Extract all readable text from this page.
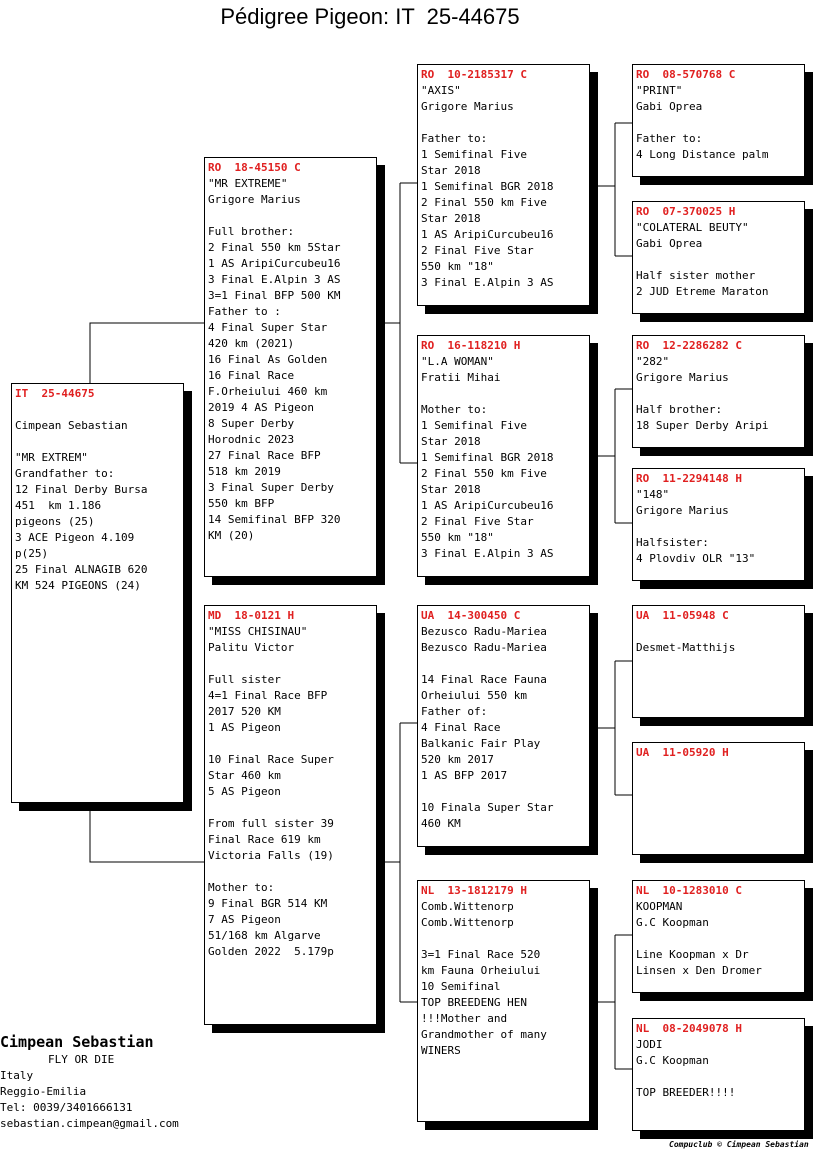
Pédigree Pigeon: IT  25-44675
IT  25-44675

Cimpean Sebastian

"MR EXTREM"
Grandfather to:
12 Final Derby Bursa
451  km 1.186
pigeons (25)
3 ACE Pigeon 4.109
p(25)
25 Final ALNAGIB 620
KM 524 PIGEONS (24)
RO  18-45150 C
"MR EXTREME"
Grigore Marius

Full brother:
2 Final 550 km 5Star
1 AS AripiCurcubeu16
3 Final E.Alpin 3 AS
3=1 Final BFP 500 KM
Father to :
4 Final Super Star
420 km (2021)
16 Final As Golden
16 Final Race
F.Orheiului 460 km
2019 4 AS Pigeon
8 Super Derby
Horodnic 2023
27 Final Race BFP
518 km 2019
3 Final Super Derby
550 km BFP
14 Semifinal BFP 320
KM (20)
MD  18-0121 H
"MISS CHISINAU"
Palitu Victor

Full sister
4=1 Final Race BFP
2017 520 KM
1 AS Pigeon

10 Final Race Super
Star 460 km
5 AS Pigeon

From full sister 39
Final Race 619 km
Victoria Falls (19)

Mother to:
9 Final BGR 514 KM
7 AS Pigeon
51/168 km Algarve
Golden 2022  5.179p
RO  10-2185317 C
"AXIS"
Grigore Marius

Father to:
1 Semifinal Five
Star 2018
1 Semifinal BGR 2018
2 Final 550 km Five
Star 2018
1 AS AripiCurcubeu16
2 Final Five Star
550 km "18"
3 Final E.Alpin 3 AS
RO  16-118210 H
"L.A WOMAN"
Fratii Mihai

Mother to:
1 Semifinal Five
Star 2018
1 Semifinal BGR 2018
2 Final 550 km Five
Star 2018
1 AS AripiCurcubeu16
2 Final Five Star
550 km "18"
3 Final E.Alpin 3 AS
UA  14-300450 C
Bezusco Radu-Mariea
Bezusco Radu-Mariea

14 Final Race Fauna
Orheiului 550 km
Father of:
4 Final Race
Balkanic Fair Play
520 km 2017
1 AS BFP 2017

10 Finala Super Star
460 KM
NL  13-1812179 H
Comb.Wittenorp
Comb.Wittenorp

3=1 Final Race 520
km Fauna Orheiului
10 Semifinal
TOP BREEDENG HEN
!!!Mother and
Grandmother of many
WINERS
RO  08-570768 C
"PRINT"
Gabi Oprea

Father to:
4 Long Distance palm
RO  07-370025 H
"COLATERAL BEUTY"
Gabi Oprea

Half sister mother
2 JUD Etreme Maraton
RO  12-2286282 C
"282"
Grigore Marius

Half brother:
18 Super Derby Aripi
RO  11-2294148 H
"148"
Grigore Marius

Halfsister:
4 Plovdiv OLR "13"
UA  11-05948 C

Desmet-Matthijs
UA  11-05920 H
NL  10-1283010 C
KOOPMAN
G.C Koopman

Line Koopman x Dr
Linsen x Den Dromer
NL  08-2049078 H
JODI
G.C Koopman

TOP BREEDER!!!!
Cimpean Sebastian
FLY OR DIE
Italy
Reggio-Emilia
Tel: 0039/3401666131
sebastian.cimpean@gmail.com
Compuclub © Cimpean Sebastian
